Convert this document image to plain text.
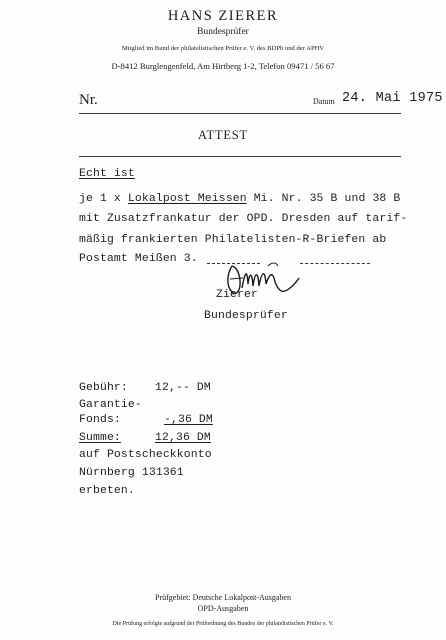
HANS ZIERER
Bundesprüfer
Mitglied im Bund der philatelistischen Prüfer e. V. des BDPh und der APHV
D-8412 Burglengenfeld, Am Hirtberg 1-2, Telefon 09471 / 56 67
Nr.	Datum 24. Mai 1975
ATTEST
Echt ist
je 1 x Lokalpost Meissen Mi. Nr. 35 B und 38 B
mit Zusatzfrankatur der OPD. Dresden auf tarif-
mäßig frankierten Philatelisten-R-Briefen ab
Postamt Meißen 3.
Zierer
Bundesprüfer
Gebühr: 12,-- DM
Garantie-
Fonds:	-,36 DM
Summe:	12,36 DM
auf Postscheckkonto
Nürnberg 131361
erbeten.
Prüfgebiet: Deutsche Lokalpost-Ausgaben
OPD-Ausgaben
Die Prüfung erfolgte aufgrund der Prüfordnung des Bundes der philatelistischen Prüfer e. V.
